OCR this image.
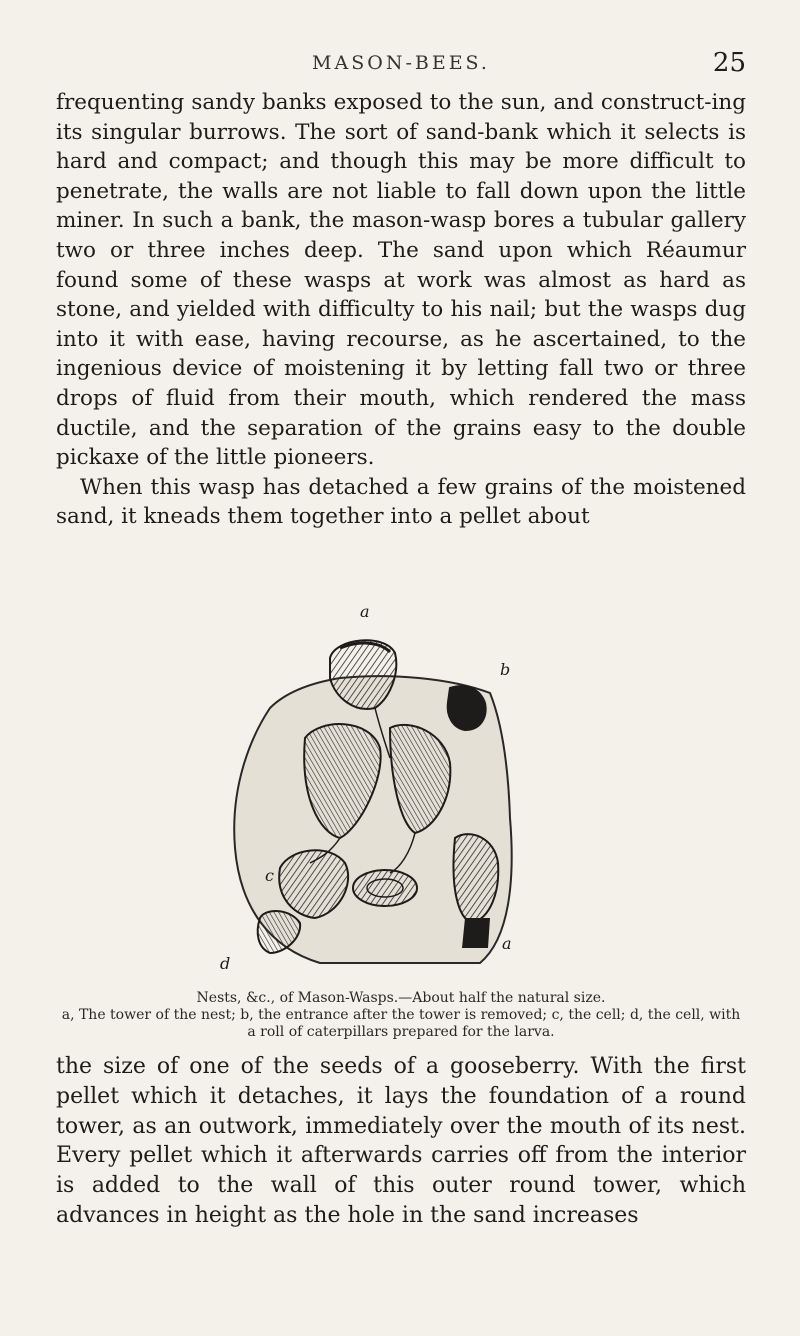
MASON-BEES.	25
frequenting sandy banks exposed to the sun, and construct-ing its singular burrows. The sort of sand-bank which it selects is hard and compact; and though this may be more difficult to penetrate, the walls are not liable to fall down upon the little miner. In such a bank, the mason-wasp bores a tubular gallery two or three inches deep. The sand upon which Réaumur found some of these wasps at work was almost as hard as stone, and yielded with difficulty to his nail; but the wasps dug into it with ease, having recourse, as he ascertained, to the ingenious device of moistening it by letting fall two or three drops of fluid from their mouth, which rendered the mass ductile, and the separation of the grains easy to the double pickaxe of the little pioneers.
When this wasp has detached a few grains of the moistened sand, it kneads them together into a pellet about
a
b
c
d
a
Nests, &c., of Mason-Wasps.—About half the natural size.
a, The tower of the nest; b, the entrance after the tower is removed; c, the cell; d, the cell, with a roll of caterpillars prepared for the larva.
the size of one of the seeds of a gooseberry. With the first pellet which it detaches, it lays the foundation of a round tower, as an outwork, immediately over the mouth of its nest. Every pellet which it afterwards carries off from the interior is added to the wall of this outer round tower, which advances in height as the hole in the sand increases
